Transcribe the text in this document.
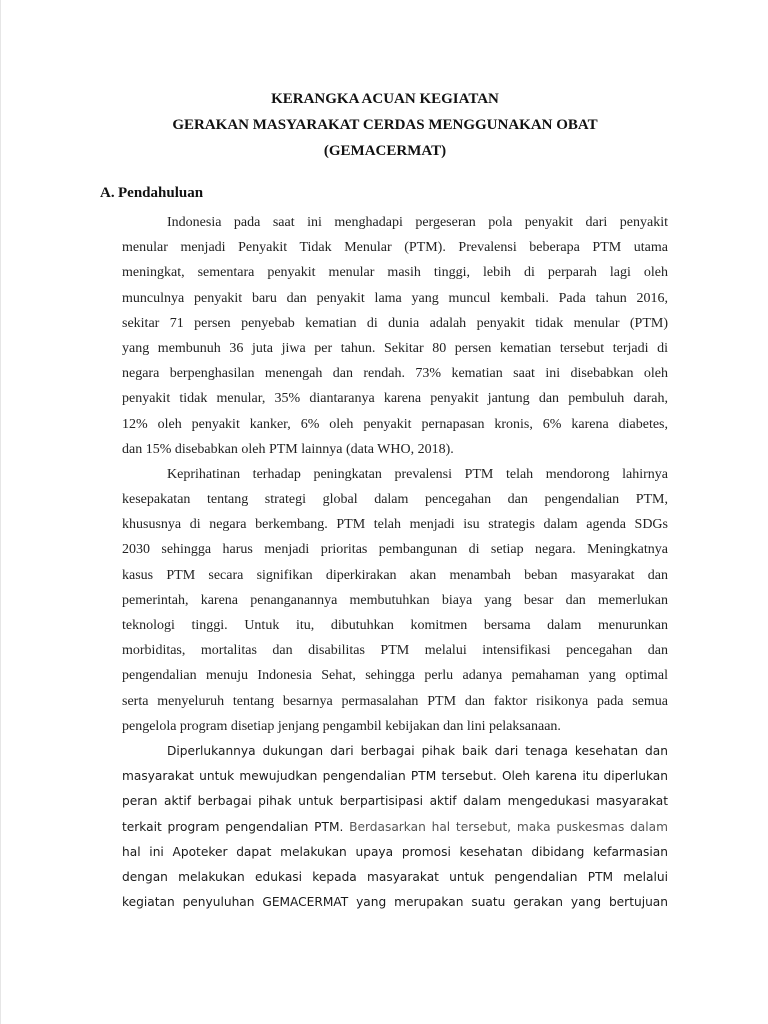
KERANGKA ACUAN KEGIATAN
GERAKAN MASYARAKAT CERDAS MENGGUNAKAN OBAT
(GEMACERMAT)
A. Pendahuluan
Indonesia pada saat ini menghadapi pergeseran pola penyakit dari penyakit
menular menjadi Penyakit Tidak Menular (PTM). Prevalensi beberapa PTM utama
meningkat, sementara penyakit menular masih tinggi, lebih di perparah lagi oleh
munculnya penyakit baru dan penyakit lama yang muncul kembali. Pada tahun 2016,
sekitar 71 persen penyebab kematian di dunia adalah penyakit tidak menular (PTM)
yang membunuh 36 juta jiwa per tahun. Sekitar 80 persen kematian tersebut terjadi di
negara berpenghasilan menengah dan rendah. 73% kematian saat ini disebabkan oleh
penyakit tidak menular, 35% diantaranya karena penyakit jantung dan pembuluh darah,
12% oleh penyakit kanker, 6% oleh penyakit pernapasan kronis, 6% karena diabetes,
dan 15% disebabkan oleh PTM lainnya (data WHO, 2018).
Keprihatinan terhadap peningkatan prevalensi PTM telah mendorong lahirnya
kesepakatan tentang strategi global dalam pencegahan dan pengendalian PTM,
khususnya di negara berkembang. PTM telah menjadi isu strategis dalam agenda SDGs
2030 sehingga harus menjadi prioritas pembangunan di setiap negara. Meningkatnya
kasus PTM secara signifikan diperkirakan akan menambah beban masyarakat dan
pemerintah, karena penanganannya membutuhkan biaya yang besar dan memerlukan
teknologi tinggi. Untuk itu, dibutuhkan komitmen bersama dalam menurunkan
morbiditas, mortalitas dan disabilitas PTM melalui intensifikasi pencegahan dan
pengendalian menuju Indonesia Sehat, sehingga perlu adanya pemahaman yang optimal
serta menyeluruh tentang besarnya permasalahan PTM dan faktor risikonya pada semua
pengelola program disetiap jenjang pengambil kebijakan dan lini pelaksanaan.
Diperlukannya dukungan dari berbagai pihak baik dari tenaga kesehatan dan
masyarakat untuk mewujudkan pengendalian PTM tersebut. Oleh karena itu diperlukan
peran aktif berbagai pihak untuk berpartisipasi aktif dalam mengedukasi masyarakat
terkait program pengendalian PTM. Berdasarkan hal tersebut, maka puskesmas dalam
hal ini Apoteker dapat melakukan upaya promosi kesehatan dibidang kefarmasian
dengan melakukan edukasi kepada masyarakat untuk pengendalian PTM melalui
kegiatan penyuluhan GEMACERMAT yang merupakan suatu gerakan yang bertujuan
